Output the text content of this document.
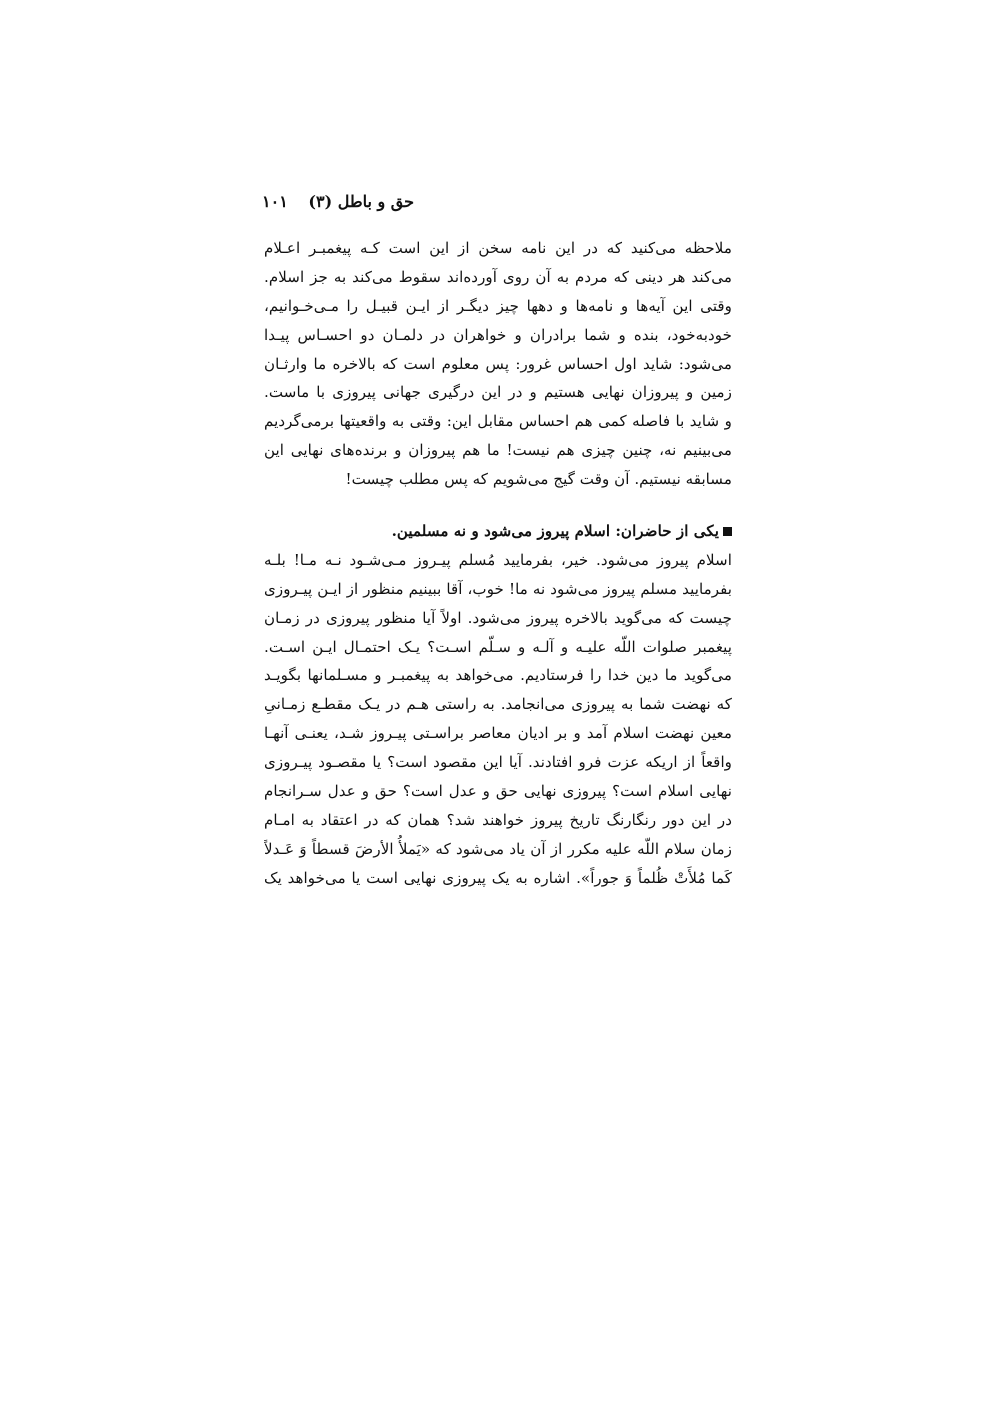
حق و باطل (۳)
۱۰۱
ملاحظه می‌کنید که در این نامه سخن از این است کـه پیغمبـر اعـلام
می‌کند هر دینی که مردم به آن روی آورده‌اند سقوط می‌کند به جز اسلام.
وقتی این آیه‌ها و نامه‌ها و دهها چیز دیگـر از ایـن قبیـل را مـی‌خـوانیم،
خودبه‌خود، بنده و شما برادران و خواهران در دلمـان دو احسـاس پیـدا
می‌شود: شاید اول احساس غرور: پس معلوم است که بالاخره ما وارثـان
زمین و پیروزان نهایی هستیم و در این درگیری جهانی پیروزی با ماست.
و شاید با فاصله کمی هم احساس مقابل این: وقتی به واقعیتها برمی‌گردیم
می‌بینیم نه، چنین چیزی هم نیست! ما هم پیروزان و برنده‌های نهایی این
مسابقه نیستیم. آن وقت گیج می‌شویم که پس مطلب چیست!
یکی از حاضران: اسلام پیروز می‌شود و نه مسلمین.
اسلام پیروز می‌شود. خیر، بفرمایید مُسلم پیـروز مـی‌شـود نـه مـا! بلـه
بفرمایید مسلم پیروز می‌شود نه ما! خوب، آقا ببینیم منظور از ایـن پیـروزی
چیست که می‌گوید بالاخره پیروز می‌شود. اولاً آیا منظور پیروزی در زمـان
پیغمبر صلوات اللّه علیـه و آلـه و سـلّم اسـت؟ یـک احتمـال ایـن اسـت.
می‌گوید ما دین خدا را فرستادیم. می‌خواهد به پیغمبـر و مسـلمانها بگویـد
که نهضت شما به پیروزی می‌انجامد. به راستی هـم در یـک مقطـع زمـانیِ
معین نهضت اسلام آمد و بر ادیان معاصر براسـتی پیـروز شـد، یعنـی آنهـا
واقعاً از اریکه عزت فرو افتادند. آیا این مقصود است؟ یا مقصـود پیـروزی
نهایی اسلام است؟ پیروزی نهایی حق و عدل است؟ حق و عدل سـرانجام
در این دور رنگارنگ تاریخ پیروز خواهند شد؟ همان که در اعتقاد به امـام
زمان سلام اللّه علیه مکرر از آن یاد می‌شود که «یَملأُ الأرضَ قسطاً وَ عَـدلاً
کَما مُلأَتْ ظُلماً وَ جوراً». اشاره به یک پیروزی نهایی است یا می‌خواهد یک
